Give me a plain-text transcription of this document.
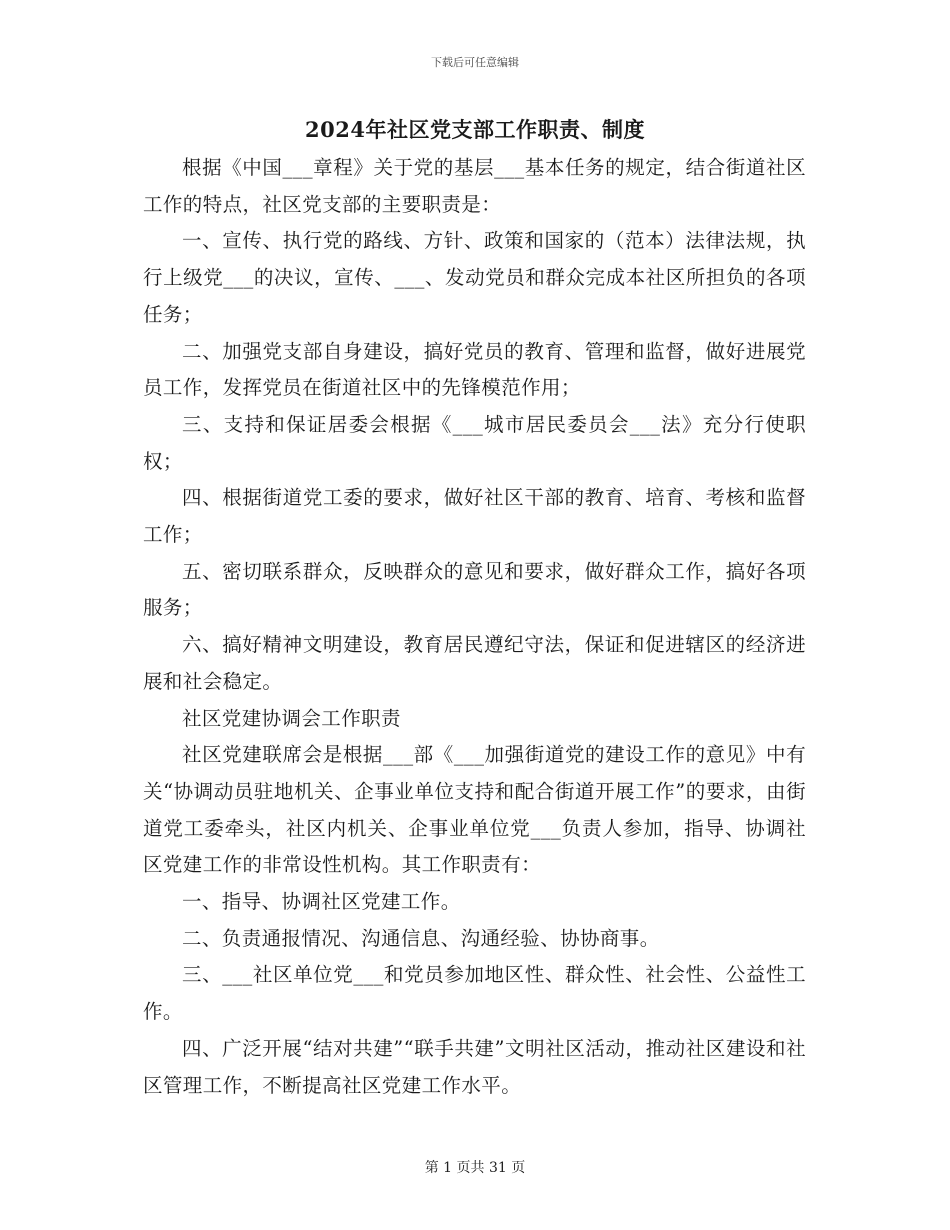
下载后可任意编辑
2024年社区党支部工作职责、制度

根据《中国___章程》关于党的基层___基本任务的规定，结合街道社区工作的特点，社区党支部的主要职责是：

一、宣传、执行党的路线、方针、政策和国家的（范本）法律法规，执行上级党___的决议，宣传、___、发动党员和群众完成本社区所担负的各项任务；

二、加强党支部自身建设，搞好党员的教育、管理和监督，做好进展党员工作，发挥党员在街道社区中的先锋模范作用；

三、支持和保证居委会根据《___城市居民委员会___法》充分行使职权；

四、根据街道党工委的要求，做好社区干部的教育、培育、考核和监督工作；

五、密切联系群众，反映群众的意见和要求，做好群众工作，搞好各项服务；

六、搞好精神文明建设，教育居民遵纪守法，保证和促进辖区的经济进展和社会稳定。

社区党建协调会工作职责

社区党建联席会是根据___部《___加强街道党的建设工作的意见》中有关“协调动员驻地机关、企事业单位支持和配合街道开展工作”的要求，由街道党工委牵头，社区内机关、企事业单位党___负责人参加，指导、协调社区党建工作的非常设性机构。其工作职责有：

一、指导、协调社区党建工作。

二、负责通报情况、沟通信息、沟通经验、协协商事。

三、___社区单位党___和党员参加地区性、群众性、社会性、公益性工作。

四、广泛开展“结对共建”“联手共建”文明社区活动，推动社区建设和社区管理工作，不断提高社区党建工作水平。

第 1 页共 31 页
